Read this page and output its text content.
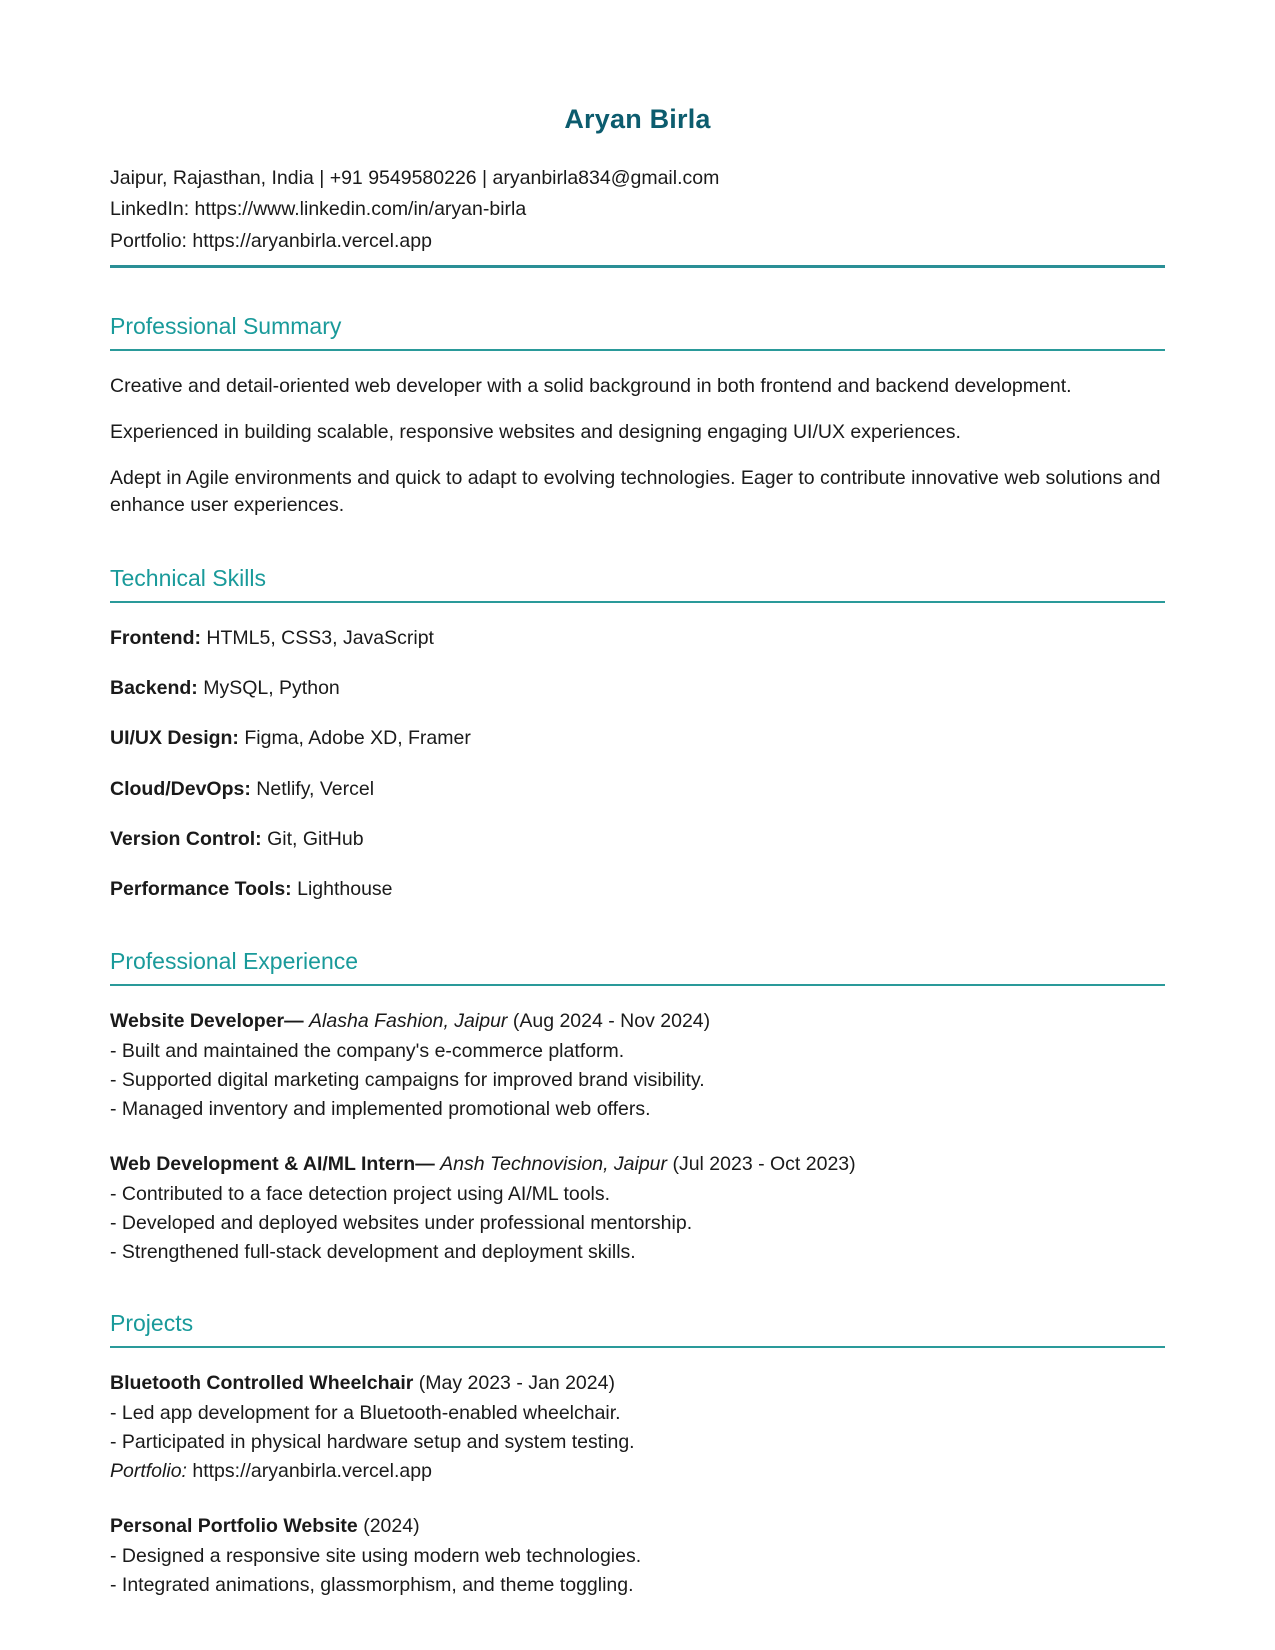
Aryan Birla
Jaipur, Rajasthan, India | +91 9549580226 | aryanbirla834@gmail.com
LinkedIn: https://www.linkedin.com/in/aryan-birla
Portfolio: https://aryanbirla.vercel.app
Professional Summary

Creative and detail-oriented web developer with a solid background in both frontend and backend development.

Experienced in building scalable, responsive websites and designing engaging UI/UX experiences.

Adept in Agile environments and quick to adapt to evolving technologies. Eager to contribute innovative web solutions and enhance user experiences.

Technical Skills

Frontend: HTML5, CSS3, JavaScript

Backend: MySQL, Python

UI/UX Design: Figma, Adobe XD, Framer

Cloud/DevOps: Netlify, Vercel

Version Control: Git, GitHub

Performance Tools: Lighthouse

Professional Experience

Website Developer— Alasha Fashion, Jaipur (Aug 2024 - Nov 2024)

- Built and maintained the company's e-commerce platform.

- Supported digital marketing campaigns for improved brand visibility.

- Managed inventory and implemented promotional web offers.

Web Development & AI/ML Intern— Ansh Technovision, Jaipur (Jul 2023 - Oct 2023)

- Contributed to a face detection project using AI/ML tools.

- Developed and deployed websites under professional mentorship.

- Strengthened full-stack development and deployment skills.

Projects

Bluetooth Controlled Wheelchair (May 2023 - Jan 2024)

- Led app development for a Bluetooth-enabled wheelchair.

- Participated in physical hardware setup and system testing.

Portfolio: https://aryanbirla.vercel.app

Personal Portfolio Website (2024)

- Designed a responsive site using modern web technologies.

- Integrated animations, glassmorphism, and theme toggling.
